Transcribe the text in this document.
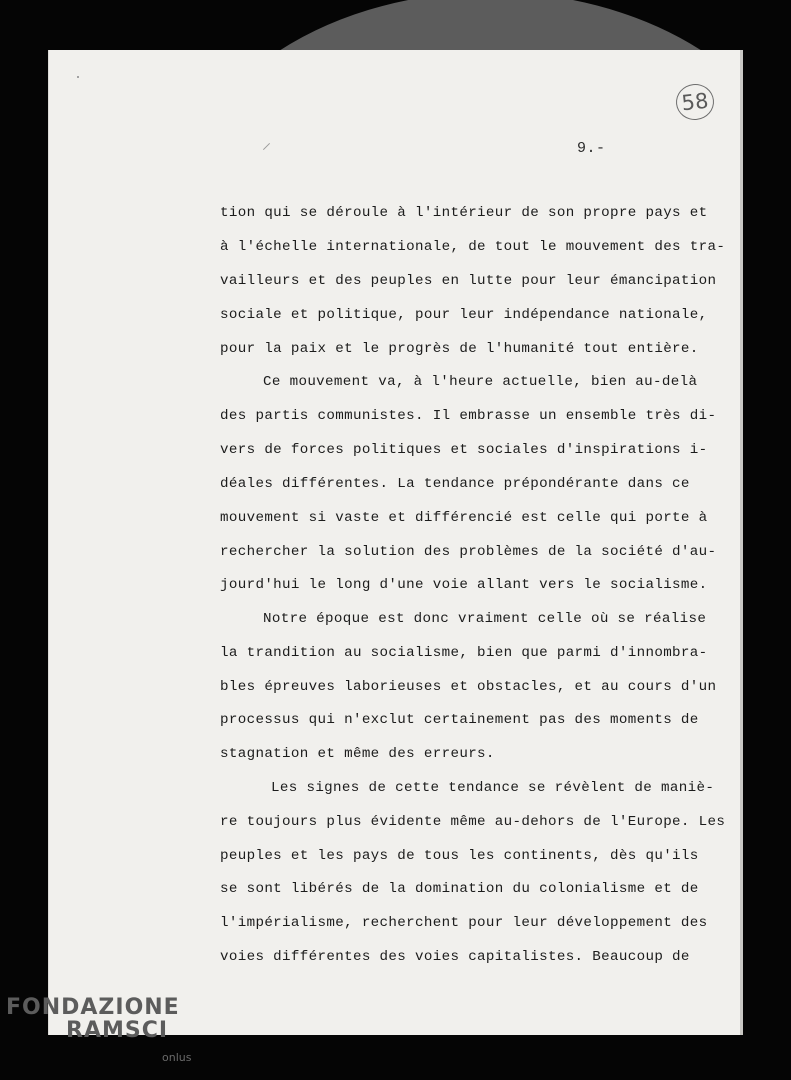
58
9.-
tion qui se déroule à l'intérieur de son propre pays et
à l'échelle internationale, de tout le mouvement des tra-
vailleurs et des peuples en lutte pour leur émancipation
sociale et politique, pour leur indépendance nationale,
pour la paix et le progrès de l'humanité tout entière.
Ce mouvement va, à l'heure actuelle, bien au-delà
des partis communistes. Il embrasse un ensemble très di-
vers de forces politiques et sociales d'inspirations i-
déales différentes. La tendance prépondérante dans ce
mouvement si vaste et différencié est celle qui porte à
rechercher la solution des problèmes de la société d'au-
jourd'hui le long d'une voie allant vers le socialisme.
Notre époque est donc vraiment celle où se réalise
la trandition au socialisme, bien que parmi d'innombra-
bles épreuves laborieuses et obstacles, et au cours d'un
processus qui n'exclut certainement pas des moments de
stagnation et même des erreurs.
Les signes de cette tendance se révèlent de maniè-
re toujours plus évidente même au-dehors de l'Europe. Les
peuples et les pays de tous les continents, dès qu'ils
se sont libérés de la domination du colonialisme et de
l'impérialisme, recherchent pour leur développement des
voies différentes des voies capitalistes. Beaucoup de
FONDAZIONE
RAMSCI
onlus
